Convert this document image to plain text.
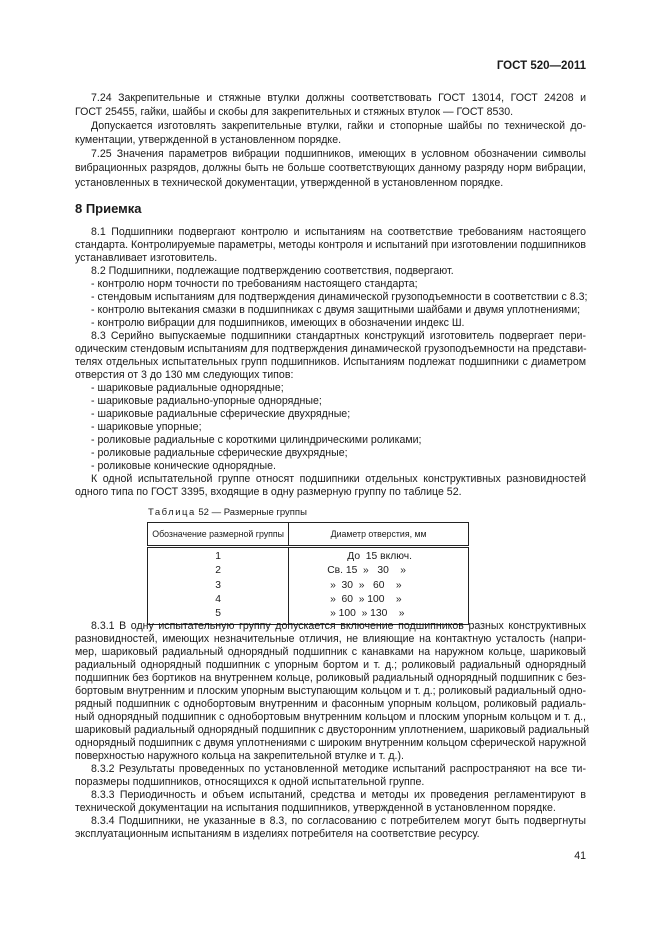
ГОСТ 520—2011
7.24 Закрепительные и стяжные втулки должны соответствовать ГОСТ 13014, ГОСТ 24208 и
ГОСТ 25455, гайки, шайбы и скобы для закрепительных и стяжных втулок — ГОСТ 8530.
Допускается изготовлять закрепительные втулки, гайки и стопорные шайбы по технической до-
кументации, утвержденной в установленном порядке.
7.25 Значения параметров вибрации подшипников, имеющих в условном обозначении символы
вибрационных разрядов, должны быть не больше соответствующих данному разряду норм вибрации,
установленных в технической документации, утвержденной в установленном порядке.
8 Приемка
8.1 Подшипники подвергают контролю и испытаниям на соответствие требованиям настоящего
стандарта. Контролируемые параметры, методы контроля и испытаний при изготовлении подшипников
устанавливает изготовитель.
8.2 Подшипники, подлежащие подтверждению соответствия, подвергают.
- контролю норм точности по требованиям настоящего стандарта;
- стендовым испытаниям для подтверждения динамической грузоподъемности в соответствии с 8.3;
- контролю вытекания смазки в подшипниках с двумя защитными шайбами и двумя уплотнениями;
- контролю вибрации для подшипников, имеющих в обозначении индекс Ш.
8.3 Серийно выпускаемые подшипники стандартных конструкций изготовитель подвергает пери-
одическим стендовым испытаниям для подтверждения динамической грузоподъемности на представи-
телях отдельных испытательных групп подшипников. Испытаниям подлежат подшипники с диаметром
отверстия от 3 до 130 мм следующих типов:
- шариковые радиальные однорядные;
- шариковые радиально-упорные однорядные;
- шариковые радиальные сферические двухрядные;
- шариковые упорные;
- роликовые радиальные с короткими цилиндрическими роликами;
- роликовые радиальные сферические двухрядные;
- роликовые конические однорядные.
К одной испытательной группе относят подшипники отдельных конструктивных разновидностей
одного типа по ГОСТ 3395, входящие в одну размерную группу по таблице 52.
Таблица 52 — Размерные группы
Обозначение размерной группы	Диаметр отверстия, мм
1	До  15 включ.
2	Св. 15  »   30    »
3	»  30  »   60    »
4	»  60  » 100    »
5	» 100  » 130    »
8.3.1 В одну испытательную группу допускается включение подшипников разных конструктивных
разновидностей, имеющих незначительные отличия, не влияющие на контактную усталость (напри-
мер, шариковый радиальный однорядный подшипник с канавками на наружном кольце, шариковый
радиальный однорядный подшипник с упорным бортом и т. д.; роликовый радиальный однорядный
подшипник без бортиков на внутреннем кольце, роликовый радиальный однорядный подшипник с без-
бортовым внутренним и плоским упорным выступающим кольцом и т. д.; роликовый радиальный одно-
рядный подшипник с однобортовым внутренним и фасонным упорным кольцом, роликовый радиаль-
ный однорядный подшипник с однобортовым внутренним кольцом и плоским упорным кольцом и т. д.,
шариковый радиальный однорядный подшипник с двусторонним уплотнением, шариковый радиальный
однорядный подшипник с двумя уплотнениями с широким внутренним кольцом сферической наружной
поверхностью наружного кольца на закрепительной втулке и т. д.).
8.3.2 Результаты проведенных по установленной методике испытаний распространяют на все ти-
поразмеры подшипников, относящихся к одной испытательной группе.
8.3.3 Периодичность и объем испытаний, средства и методы их проведения регламентируют в
технической документации на испытания подшипников, утвержденной в установленном порядке.
8.3.4 Подшипники, не указанные в 8.3, по согласованию с потребителем могут быть подвергнуты
эксплуатационным испытаниям в изделиях потребителя на соответствие ресурсу.
41
